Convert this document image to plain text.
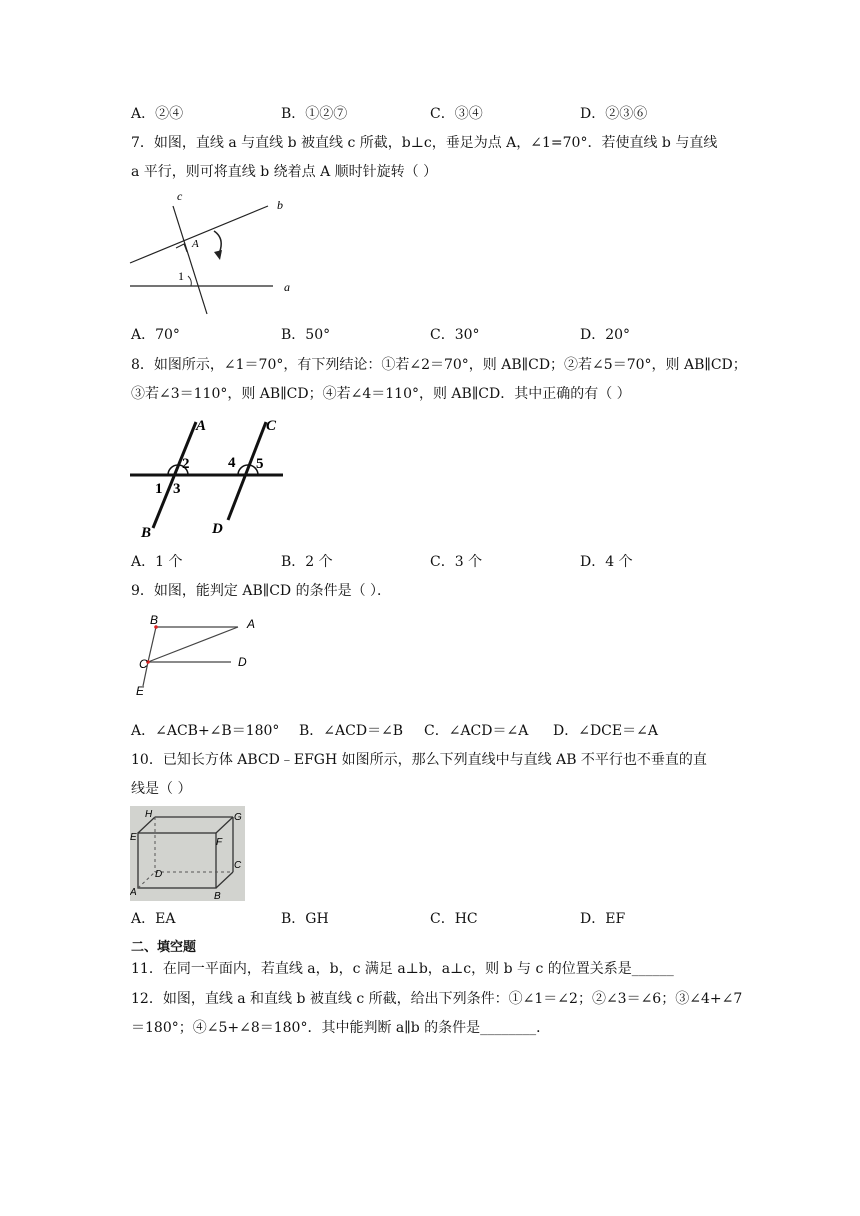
A．②④	B．①②⑦	C．③④	D．②③⑥
7．如图，直线 a 与直线 b 被直线 c 所截，b⊥c，垂足为点 A，∠1=70°．若使直线 b 与直线
a 平行，则可将直线 b 绕着点 A 顺时针旋转（ ）
c
b
A
1
a
A．70°	B．50°	C．30°	D．20°
8．如图所示，∠1＝70°，有下列结论：①若∠2＝70°，则 AB∥CD；②若∠5＝70°，则 AB∥CD；
③若∠3＝110°，则 AB∥CD；④若∠4＝110°，则 AB∥CD．其中正确的有（ ）
A	C
2	4 5
1 3
B	D
A．1 个	B．2 个	C．3 个	D．4 个
9．如图，能判定 AB∥CD 的条件是（ ）．
B	A
C	D
E
A．∠ACB+∠B＝180° B．∠ACD＝∠B C．∠ACD＝∠A D．∠DCE＝∠A
10．已知长方体 ABCD﹣EFGH 如图所示，那么下列直线中与直线 AB 不平行也不垂直的直
线是（ ）
H	G
E	F
C
D
A	B
A．EA	B．GH	C．HC	D．EF
二、填空题
11．在同一平面内，若直线 a，b，c 满足 a⊥b，a⊥c，则 b 与 c 的位置关系是______
12．如图，直线 a 和直线 b 被直线 c 所截，给出下列条件：①∠1＝∠2；②∠3＝∠6；③∠4+∠7
＝180°；④∠5+∠8＝180°．其中能判断 a∥b 的条件是________．
